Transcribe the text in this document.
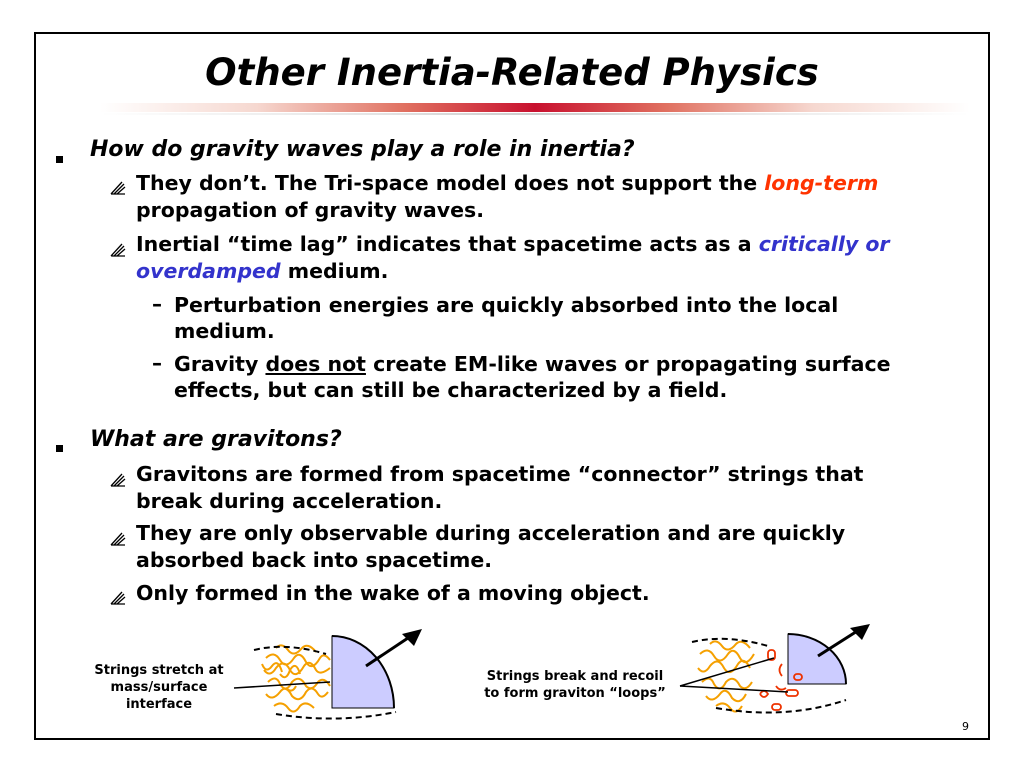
Other Inertia-Related Physics
How do gravity waves play a role in inertia?
They don’t. The Tri-space model does not support the long-term
propagation of gravity waves.
Inertial “time lag” indicates that spacetime acts as a critically or
overdamped medium.
– Perturbation energies are quickly absorbed into the local
medium.
– Gravity does not create EM-like waves or propagating surface
effects, but can still be characterized by a field.
What are gravitons?
Gravitons are formed from spacetime “connector” strings that
break during acceleration.
They are only observable during acceleration and are quickly
absorbed back into spacetime.
Only formed in the wake of a moving object.
Strings stretch at
mass/surface
interface
Strings break and recoil
to form graviton “loops”
9
